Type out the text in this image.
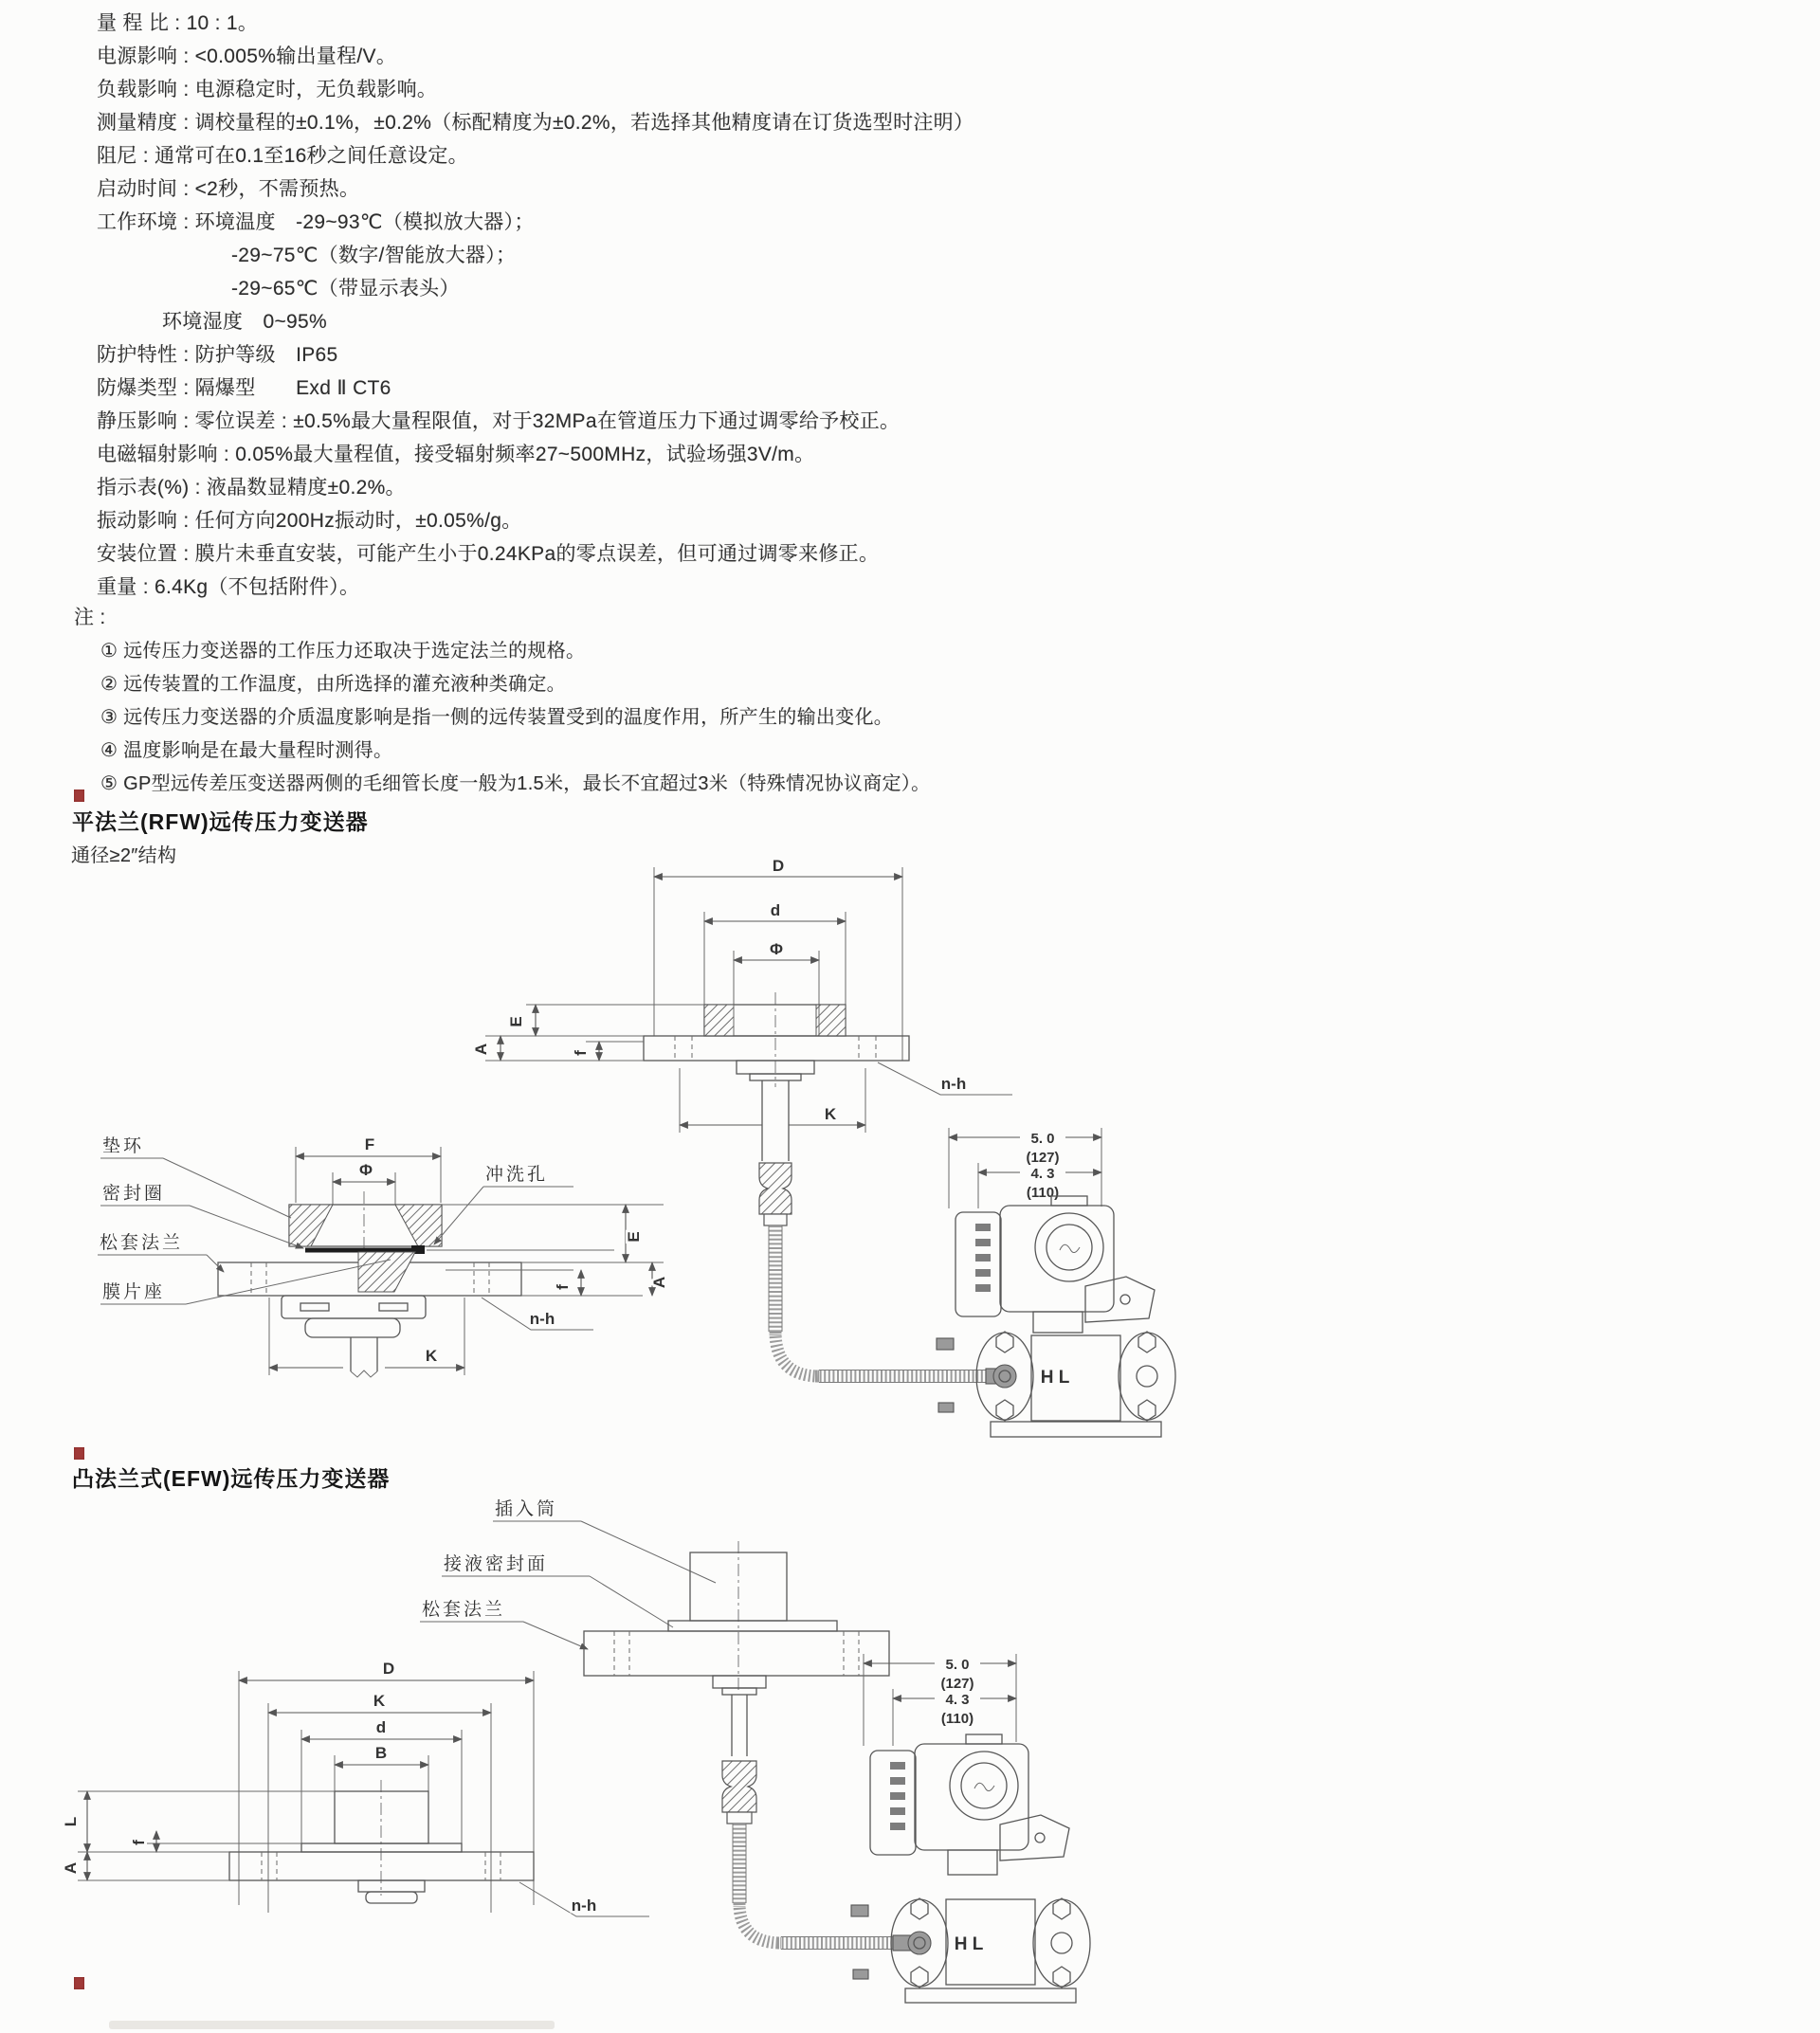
量 程 比 : 10 : 1。
电源影响 : <0.005%输出量程/V。
负载影响 : 电源稳定时，无负载影响。
测量精度 : 调校量程的±0.1%，±0.2%（标配精度为±0.2%，若选择其他精度请在订货选型时注明）
阻尼 : 通常可在0.1至16秒之间任意设定。
启动时间 : <2秒，不需预热。
工作环境 : 环境温度　-29~93℃（模拟放大器）；
-29~75℃（数字/智能放大器）；
-29~65℃（带显示表头）
环境湿度　0~95%
防护特性 : 防护等级　IP65
防爆类型 : 隔爆型　　Exd Ⅱ CT6
静压影响 : 零位误差 : ±0.5%最大量程限值，对于32MPa在管道压力下通过调零给予校正。
电磁辐射影响 : 0.05%最大量程值，接受辐射频率27~500MHz，试验场强3V/m。
指示表(%) : 液晶数显精度±0.2%。
振动影响 : 任何方向200Hz振动时，±0.05%/g。
安装位置 : 膜片未垂直安装，可能产生小于0.24KPa的零点误差，但可通过调零来修正。
重量 : 6.4Kg（不包括附件）。
注 :
① 远传压力变送器的工作压力还取决于选定法兰的规格。
② 远传装置的工作温度，由所选择的灌充液种类确定。
③ 远传压力变送器的介质温度影响是指一侧的远传装置受到的温度作用，所产生的输出变化。
④ 温度影响是在最大量程时测得。
⑤ GP型远传差压变送器两侧的毛细管长度一般为1.5米，最长不宜超过3米（特殊情况协议商定）。
平法兰(RFW)远传压力变送器
通径≥2″结构	D
d
Φ
E
A	f
K
n-h
F
Φ
K
垫环
密封圈
松套法兰
膜片座
冲洗孔
E
A
f
n-h
5. 0
(127)
4. 3
(110)
H L
凸法兰式(EFW)远传压力变送器
插入筒
接液密封面
松套法兰
D
K
d
B
L
A
f
n-h
5. 0
(127)
4. 3
(110)
H L
